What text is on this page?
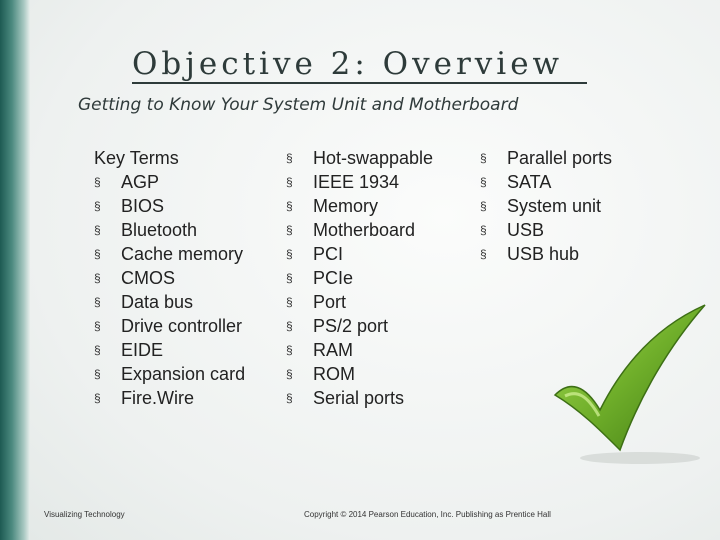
Objective 2: Overview
Getting to Know Your System Unit and Motherboard
Key Terms
§	AGP
§	BIOS
§	Bluetooth
§	Cache memory
§	CMOS
§	Data bus
§	Drive controller
§	EIDE
§	Expansion card
§	Fire.Wire
§	Hot-swappable
§	IEEE 1934
§	Memory
§	Motherboard
§	PCI
§	PCIe
§	Port
§	PS/2 port
§	RAM
§	ROM
§	Serial ports
§	Parallel ports
§	SATA
§	System unit
§	USB
§	USB hub
Visualizing Technology	Copyright © 2014 Pearson Education, Inc. Publishing as Prentice Hall
